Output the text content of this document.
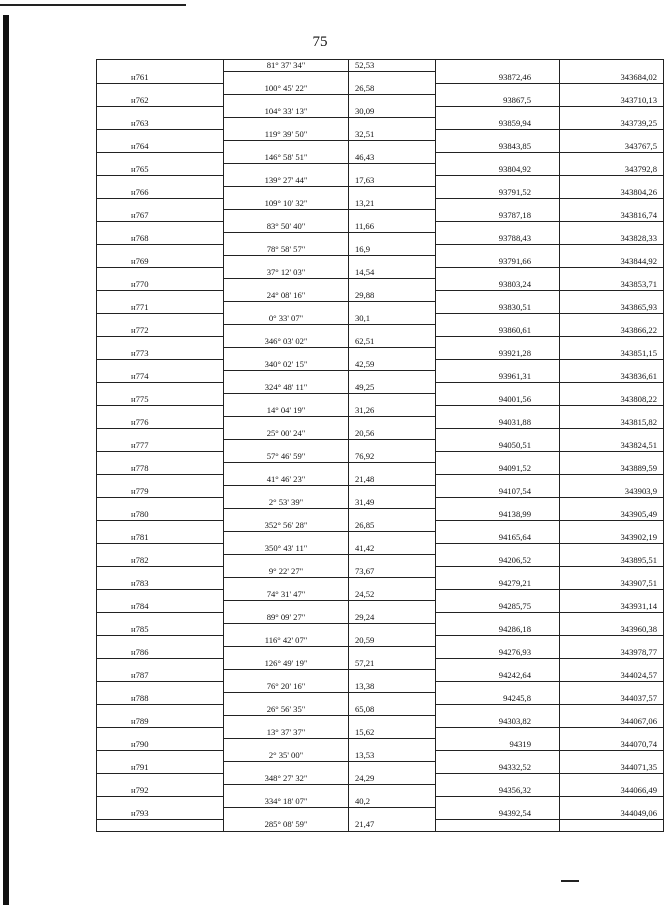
75
	81° 37' 34"	52,53		
н761			93872,46	343684,02
	100° 45' 22"	26,58		
н762			93867,5	343710,13
	104° 33' 13"	30,09		
н763			93859,94	343739,25
	119° 39' 50"	32,51		
н764			93843,85	343767,5
	146° 58' 51"	46,43		
н765			93804,92	343792,8
	139° 27' 44"	17,63		
н766			93791,52	343804,26
	109° 10' 32"	13,21		
н767			93787,18	343816,74
	83° 50' 40"	11,66		
н768			93788,43	343828,33
	78° 58' 57"	16,9		
н769			93791,66	343844,92
	37° 12' 03"	14,54		
н770			93803,24	343853,71
	24° 08' 16"	29,88		
н771			93830,51	343865,93
	0° 33' 07"	30,1		
н772			93860,61	343866,22
	346° 03' 02"	62,51		
н773			93921,28	343851,15
	340° 02' 15"	42,59		
н774			93961,31	343836,61
	324° 48' 11"	49,25		
н775			94001,56	343808,22
	14° 04' 19"	31,26		
н776			94031,88	343815,82
	25° 00' 24"	20,56		
н777			94050,51	343824,51
	57° 46' 59"	76,92		
н778			94091,52	343889,59
	41° 46' 23"	21,48		
н779			94107,54	343903,9
	2° 53' 39"	31,49		
н780			94138,99	343905,49
	352° 56' 28"	26,85		
н781			94165,64	343902,19
	350° 43' 11"	41,42		
н782			94206,52	343895,51
	9° 22' 27"	73,67		
н783			94279,21	343907,51
	74° 31' 47"	24,52		
н784			94285,75	343931,14
	89° 09' 27"	29,24		
н785			94286,18	343960,38
	116° 42' 07"	20,59		
н786			94276,93	343978,77
	126° 49' 19"	57,21		
н787			94242,64	344024,57
	76° 20' 16"	13,38		
н788			94245,8	344037,57
	26° 56' 35"	65,08		
н789			94303,82	344067,06
	13° 37' 37"	15,62		
н790			94319	344070,74
	2° 35' 00"	13,53		
н791			94332,52	344071,35
	348° 27' 32"	24,29		
н792			94356,32	344066,49
	334° 18' 07"	40,2		
н793			94392,54	344049,06
	285° 08' 59"	21,47		
